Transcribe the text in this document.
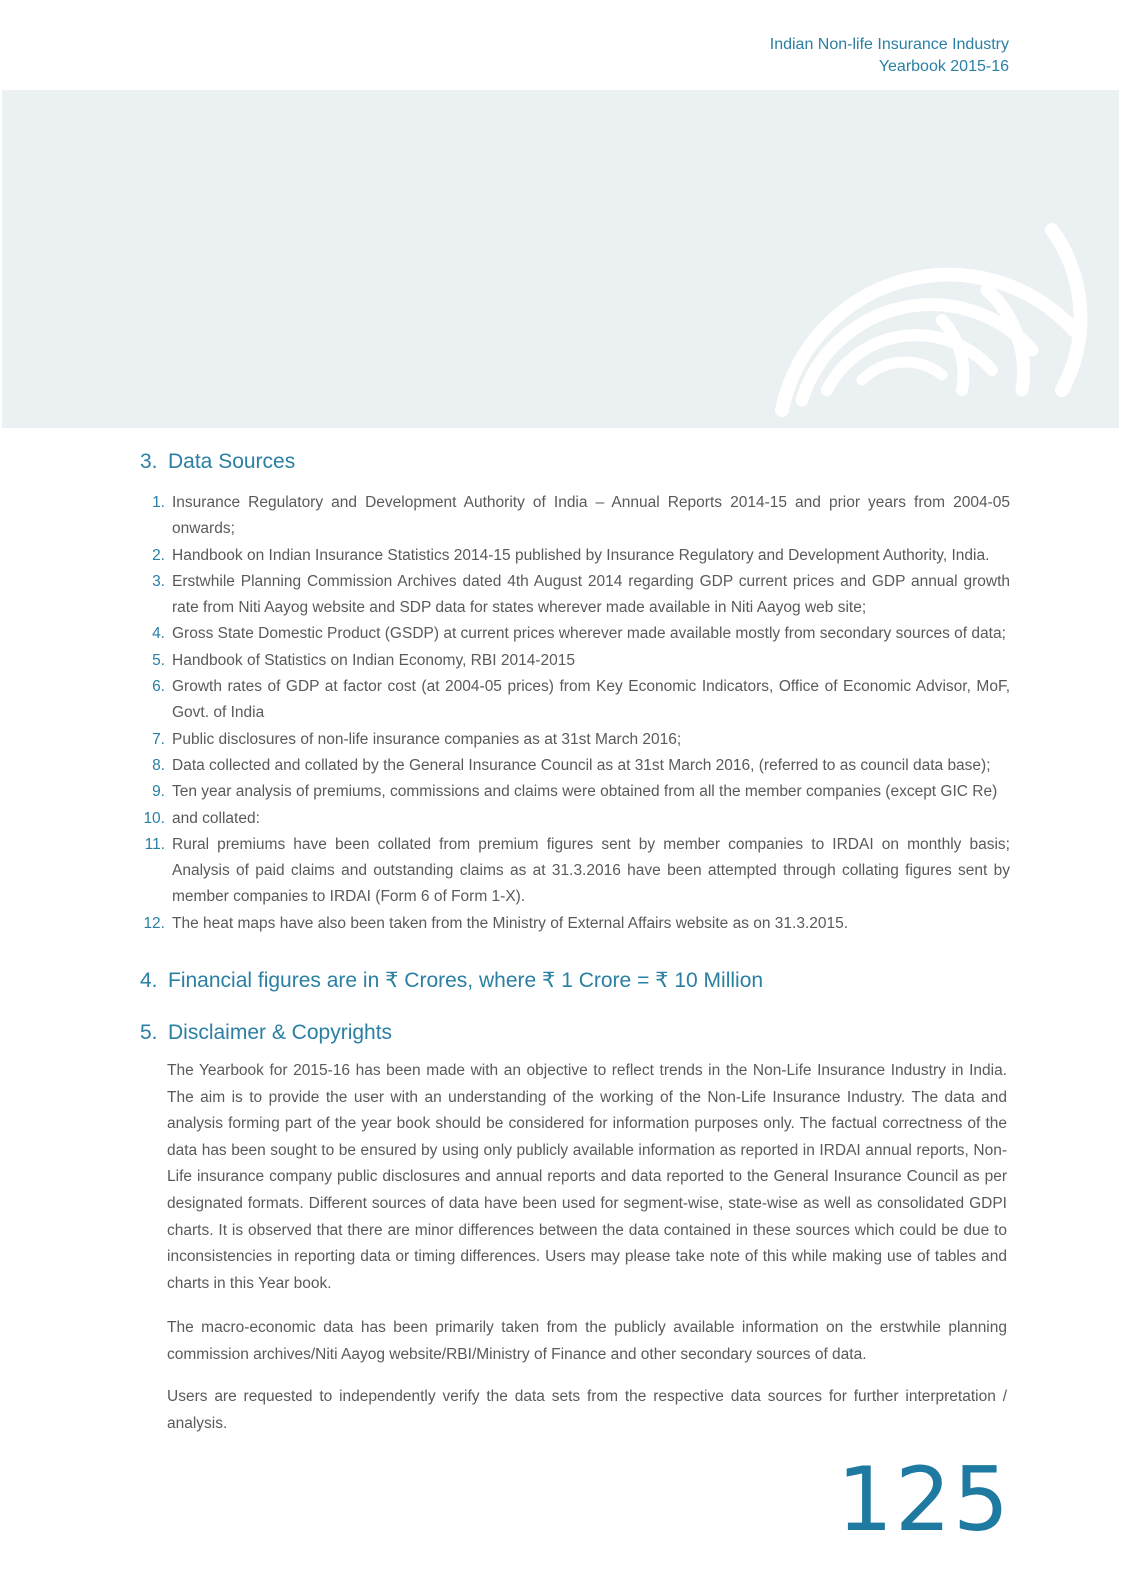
Indian Non-life Insurance Industry
Yearbook 2015-16
3. Data Sources
1. Insurance Regulatory and Development Authority of India – Annual Reports 2014-15 and prior years from 2004-05 onwards;
2. Handbook on Indian Insurance Statistics 2014-15 published by Insurance Regulatory and Development Authority, India.
3. Erstwhile Planning Commission Archives dated 4th August 2014 regarding GDP current prices and GDP annual growth rate from Niti Aayog website and SDP data for states wherever made available in Niti Aayog web site;
4. Gross State Domestic Product (GSDP) at current prices wherever made available mostly from secondary sources of data;
5. Handbook of Statistics on Indian Economy, RBI 2014-2015
6. Growth rates of GDP at factor cost (at 2004-05 prices) from Key Economic Indicators, Office of Economic Advisor, MoF, Govt. of India
7. Public disclosures of non-life insurance companies as at 31st March 2016;
8. Data collected and collated by the General Insurance Council as at 31st March 2016, (referred to as council data base);
9. Ten year analysis of premiums, commissions and claims were obtained from all the member companies (except GIC Re)
10. and collated:
11. Rural premiums have been collated from premium figures sent by member companies to IRDAI on monthly basis; Analysis of paid claims and outstanding claims as at 31.3.2016 have been attempted through collating figures sent by member companies to IRDAI (Form 6 of Form 1-X).
12. The heat maps have also been taken from the Ministry of External Affairs website as on 31.3.2015.
4. Financial figures are in ₹ Crores, where ₹ 1 Crore = ₹ 10 Million
5. Disclaimer & Copyrights

The Yearbook for 2015-16 has been made with an objective to reflect trends in the Non-Life Insurance Industry in India. The aim is to provide the user with an understanding of the working of the Non-Life Insurance Industry. The data and analysis forming part of the year book should be considered for information purposes only. The factual correctness of the data has been sought to be ensured by using only publicly available information as reported in IRDAI annual reports, Non-Life insurance company public disclosures and annual reports and data reported to the General Insurance Council as per designated formats. Different sources of data have been used for segment-wise, state-wise as well as consolidated GDPI charts. It is observed that there are minor differences between the data contained in these sources which could be due to inconsistencies in reporting data or timing differences. Users may please take note of this while making use of tables and charts in this Year book.

The macro-economic data has been primarily taken from the publicly available information on the erstwhile planning commission archives/Niti Aayog website/RBI/Ministry of Finance and other secondary sources of data.

Users are requested to independently verify the data sets from the respective data sources for further interpretation / analysis.

125
